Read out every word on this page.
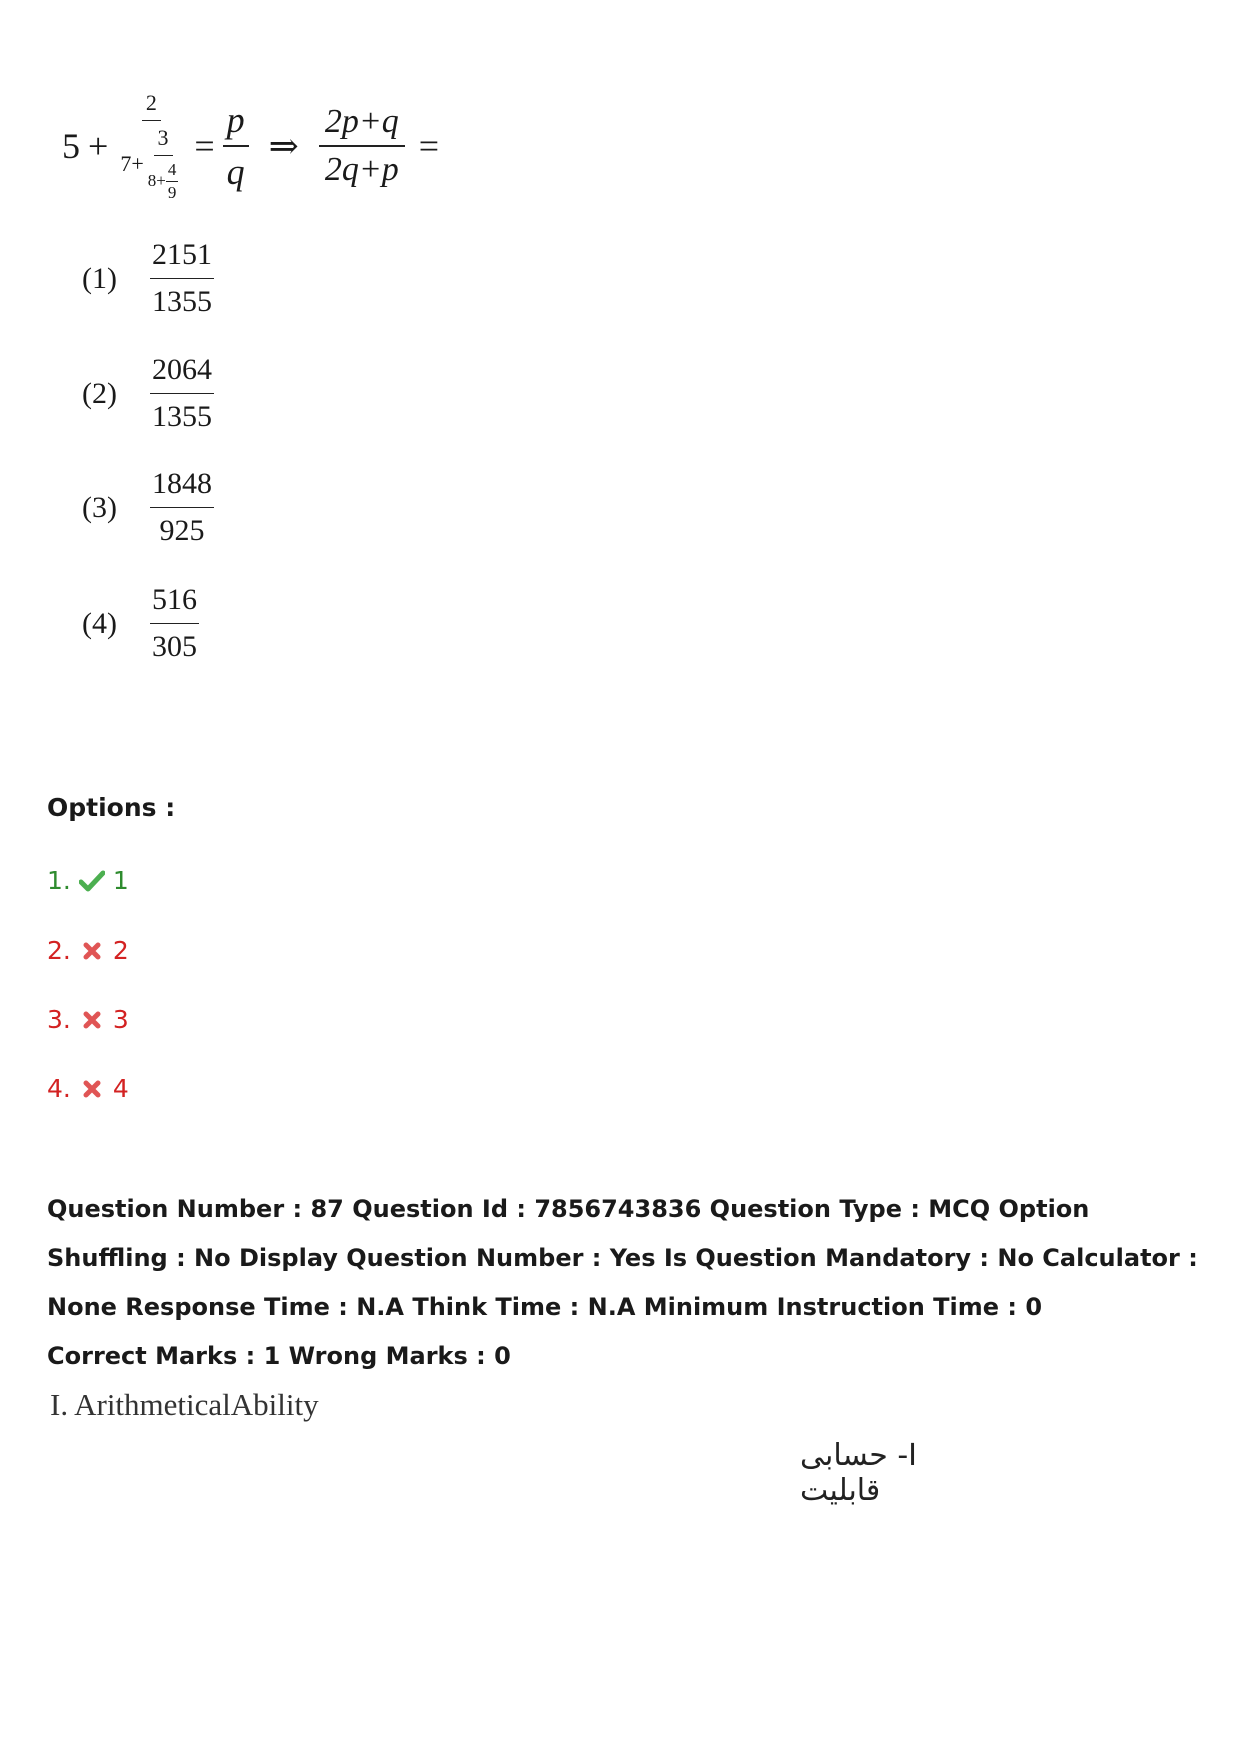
5 +
2
$7+ \frac{3}{8+ \frac{4}{9}} = \frac{p}{q}$ ⇒ $\frac{2p+q}{2q+p}$ =
(1)	$\frac{2151}{1355}$
(2)	$\frac{2064}{1355}$
(3)	$\frac{1848}{925}$
(4)	$\frac{516}{305}$
Options :
1. 1
2. 2
3. 3
4. 4
Question Number : 87 Question Id : 7856743836 Question Type : MCQ Option Shuffling : No Display Question Number : Yes Is Question Mandatory : No Calculator : None Response Time : N.A Think Time : N.A Minimum Instruction Time : 0
Correct Marks : 1 Wrong Marks : 0
I. ArithmeticalAbility
I- حسابی قابلیت
